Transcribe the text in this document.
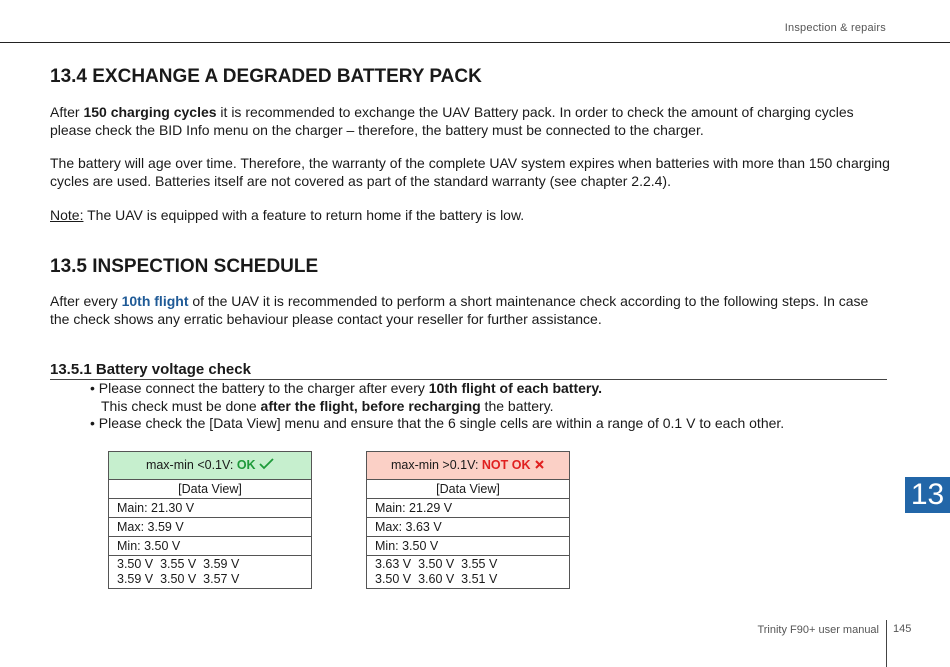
Inspection & repairs
13.4 EXCHANGE A DEGRADED BATTERY PACK

After 150 charging cycles it is recommended to exchange the UAV Battery pack. In order to check the amount of charging cycles please check the BID Info menu on the charger – therefore, the battery must be connected to the charger.

The battery will age over time. Therefore, the warranty of the complete UAV system expires when batteries with more than 150 charging cycles are used. Batteries itself are not covered as part of the standard warranty (see chapter 2.2.4).

Note: The UAV is equipped with a feature to return home if the battery is low.

13.5 INSPECTION SCHEDULE

After every 10th flight of the UAV it is recommended to perform a short maintenance check according to the following steps. In case the check shows any erratic behaviour please contact your reseller for further assistance.

13.5.1 Battery voltage check
• Please connect the battery to the charger after every 10th flight of each battery.
This check must be done after the flight, before recharging the battery.
• Please check the [Data View] menu and ensure that the 6 single cells are within a range of 0.1 V to each other.
max-min <0.1V: OK
[Data View]
Main: 21.30 V
Max: 3.59 V
Min: 3.50 V

3.50 V  3.55 V  3.59 V
3.59 V  3.50 V  3.57 V
max-min >0.1V: NOT OK
[Data View]
Main: 21.29 V
Max: 3.63 V
Min: 3.50 V

3.63 V  3.50 V  3.55 V
3.50 V  3.60 V  3.51 V
13
Trinity F90+ user manual 145
